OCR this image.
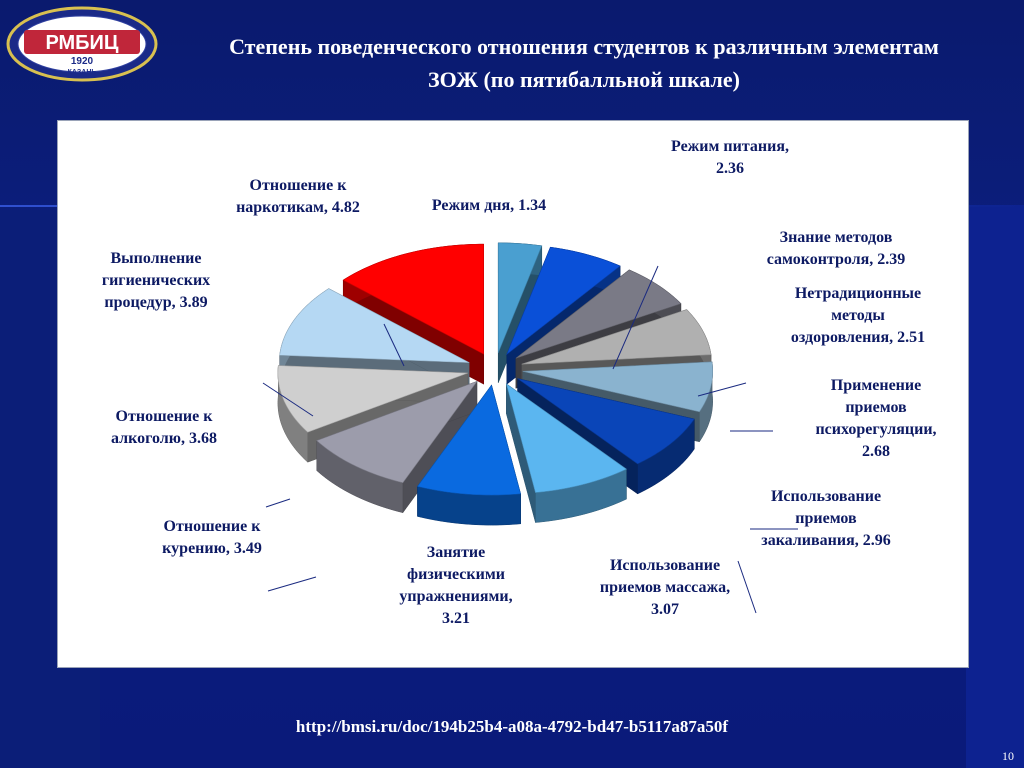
РМБИЦ
1920
КАЗАНЬ
Степень поведенческого отношения студентов к различным элементам
ЗОЖ (по пятибалльной шкале)
Режим дня, 1.34
Режим питания,
2.36
Знание методов
самоконтроля, 2.39
Нетрадиционные
методы
оздоровления, 2.51
Применение
приемов
психорегуляции,
2.68
Использование
приемов
закаливания, 2.96
Использование
приемов массажа,
3.07
Занятие
физическими
упражнениями,
3.21
Отношение к
курению, 3.49
Отношение к
алкоголю, 3.68
Выполнение
гигиенических
процедур, 3.89
Отношение к
наркотикам, 4.82
http://bmsi.ru/doc/194b25b4-a08a-4792-bd47-b5117a87a50f
10
